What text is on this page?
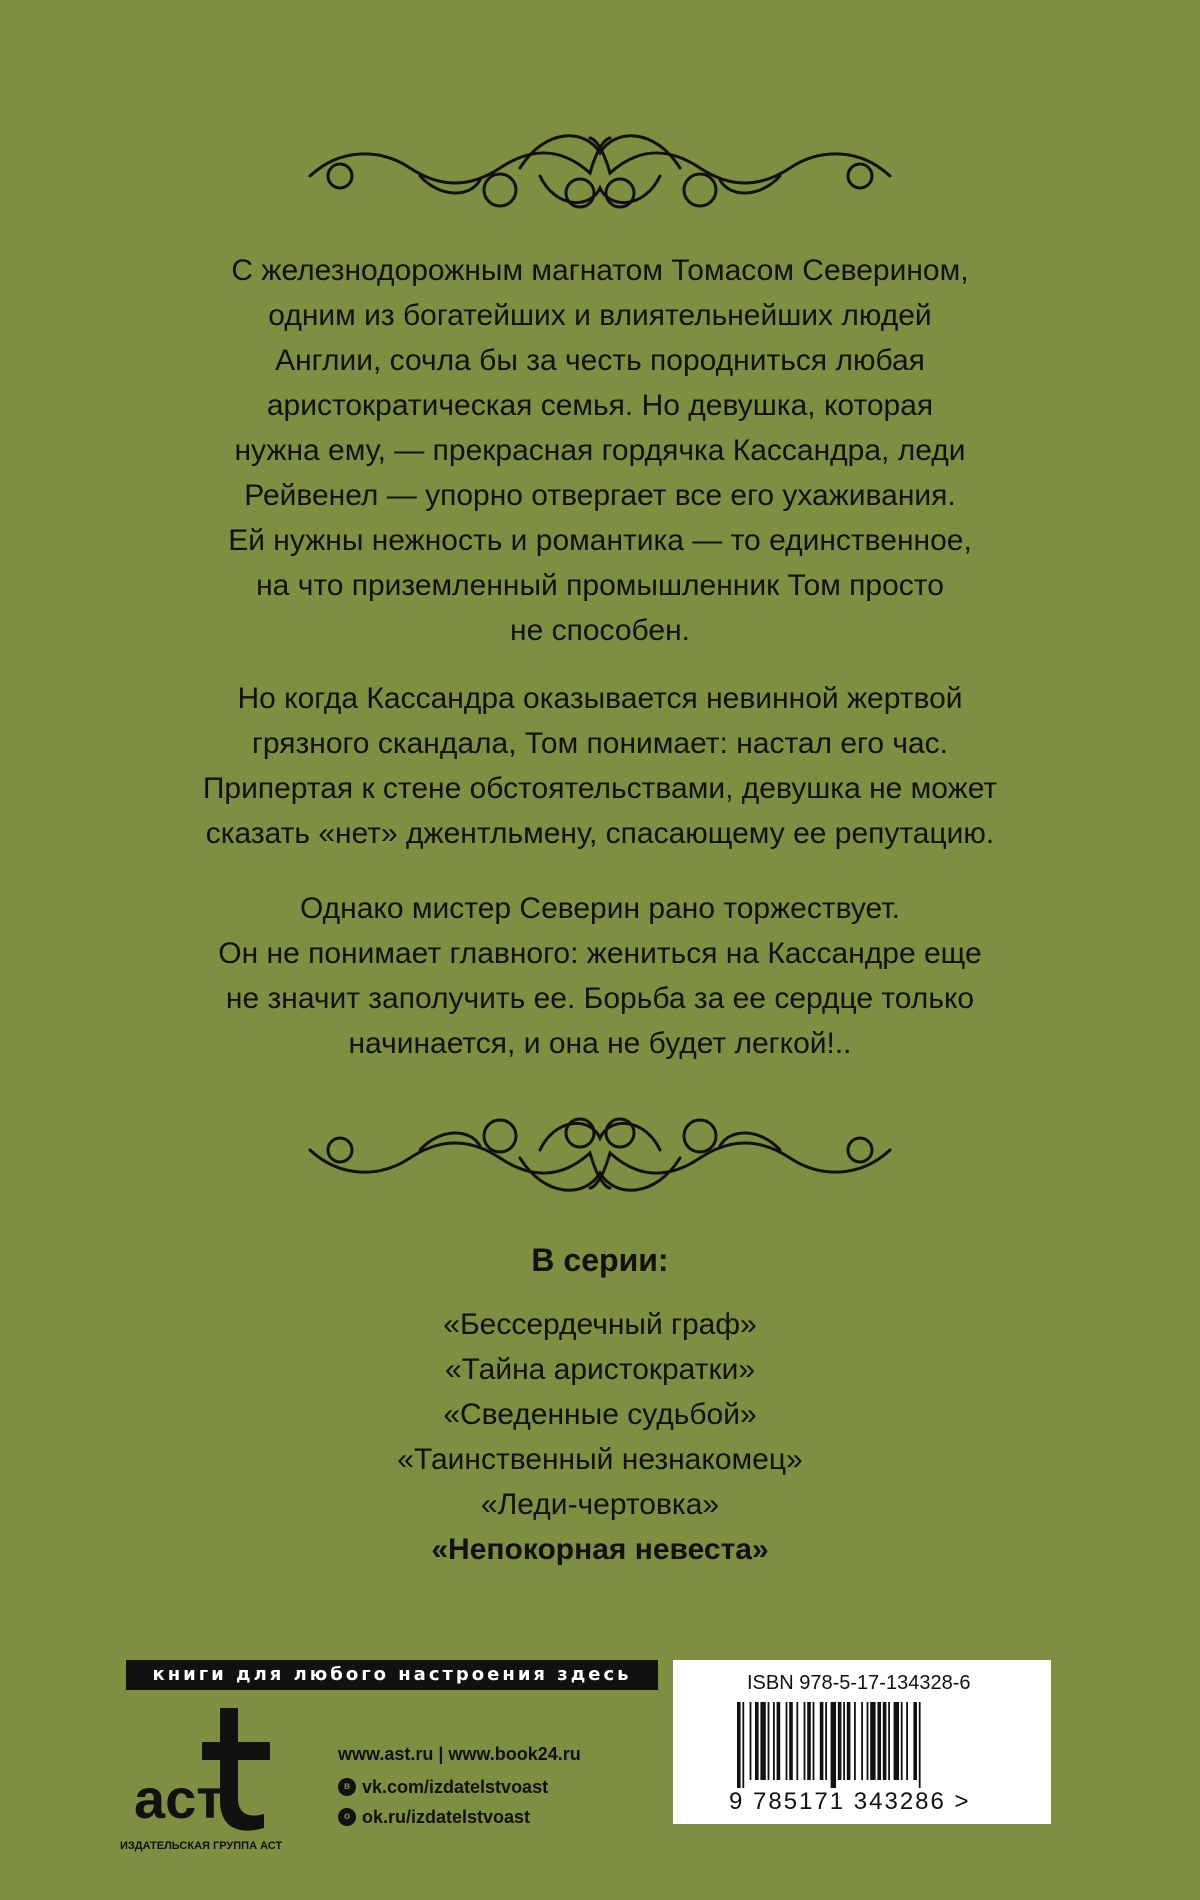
С железнодорожным магнатом Томасом Северином,
одним из богатейших и влиятельнейших людей
Англии, сочла бы за честь породниться любая
аристократическая семья. Но девушка, которая
нужна ему, — прекрасная гордячка Кассандра, леди
Рейвенел — упорно отвергает все его ухаживания.
Ей нужны нежность и романтика — то единственное,
на что приземленный промышленник Том просто
не способен.
Но когда Кассандра оказывается невинной жертвой
грязного скандала, Том понимает: настал его час.
Припертая к стене обстоятельствами, девушка не может
сказать «нет» джентльмену, спасающему ее репутацию.
Однако мистер Северин рано торжествует.
Он не понимает главного: жениться на Кассандре еще
не значит заполучить ее. Борьба за ее сердце только
начинается, и она не будет легкой!..
В серии:
«Бессердечный граф»
«Тайна аристократки»
«Сведенные судьбой»
«Таинственный незнакомец»
«Леди-чертовка»
«Непокорная невеста»
книги для любого настроения здесь
аст
ИЗДАТЕЛЬСКАЯ ГРУППА АСТ
www.ast.ru | www.book24.ru
в vk.com/izdatelstvoast
о ok.ru/izdatelstvoast
ISBN 978-5-17-134328-6
9 785171 343286 >
